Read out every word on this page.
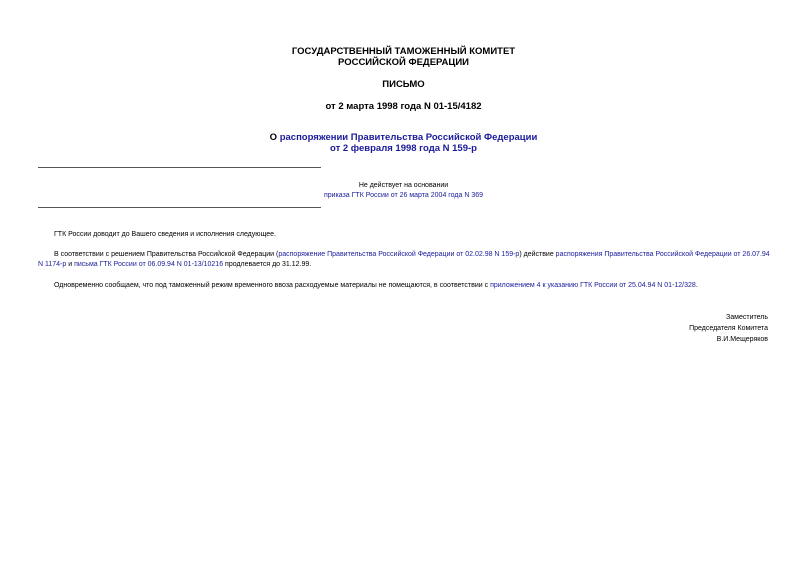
ГОСУДАРСТВЕННЫЙ ТАМОЖЕННЫЙ КОМИТЕТ
РОССИЙСКОЙ ФЕДЕРАЦИИ
ПИСЬМО
от 2 марта 1998 года N 01-15/4182
О распоряжении Правительства Российской Федерации
от 2 февраля 1998 года N 159-р
Не действует на основании
приказа ГТК России от 26 марта 2004 года N 369
ГТК России доводит до Вашего сведения и исполнения следующее.
В соответствии с решением Правительства Российской Федерации (распоряжение Правительства Российской Федерации от 02.02.98 N 159-р) действие распоряжения Правительства Российской Федерации от 26.07.94 N 1174-р и письма ГТК России от 06.09.94 N 01-13/10216 продлевается до 31.12.99.
Одновременно сообщаем, что под таможенный режим временного ввоза расходуемые материалы не помещаются, в соответствии с приложением 4 к указанию ГТК России от 25.04.94 N 01-12/328.
Заместитель
Председателя Комитета
В.И.Мещеряков
